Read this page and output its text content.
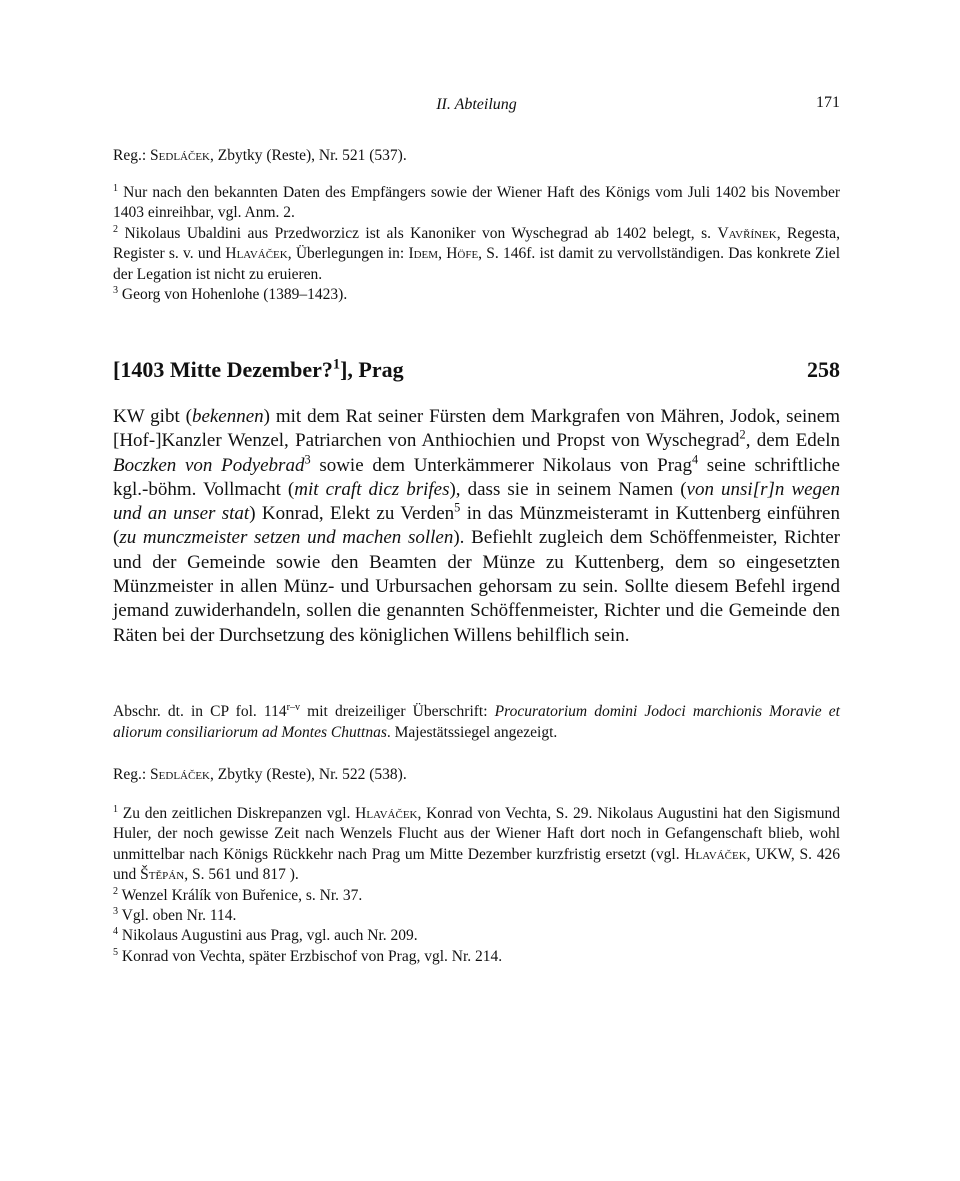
II. Abteilung	171
Reg.: Sedláček, Zbytky (Reste), Nr. 521 (537).

$^1$ Nur nach den bekannten Daten des Empfängers sowie der Wiener Haft des Königs vom Juli 1402 bis November 1403 einreihbar, vgl. Anm. 2.

$^2$ Nikolaus Ubaldini aus Przedworzicz ist als Kanoniker von Wyschegrad ab 1402 belegt, s. Vavřínek, Regesta, Register s. v. und Hlaváček, Überlegungen in: Idem, Höfe, S. 146f. ist damit zu vervollständigen. Das konkrete Ziel der Legation ist nicht zu eruieren.

$^3$ Georg von Hohenlohe (1389–1423).

[1403 Mitte Dezember?$^1$], Prag	258

KW gibt (bekennen) mit dem Rat seiner Fürsten dem Markgrafen von Mähren, Jodok, seinem [Hof-]Kanzler Wenzel, Patriarchen von Anthiochien und Propst von Wyschegrad$^2$, dem Edeln Boczken von Podyebrad$^3$ sowie dem Unterkämmerer Nikolaus von Prag$^4$ seine schriftliche kgl.-böhm. Vollmacht (mit craft dicz brifes), dass sie in seinem Namen (von unsi[r]n wegen und an unser stat) Konrad, Elekt zu Verden$^5$ in das Münzmeisteramt in Kuttenberg einführen (zu munczmeister setzen und machen sollen). Befiehlt zugleich dem Schöffenmeister, Richter und der Gemeinde sowie den Beamten der Münze zu Kuttenberg, dem so eingesetzten Münzmeister in allen Münz- und Urbursachen gehorsam zu sein. Sollte diesem Befehl irgend jemand zuwiderhandeln, sollen die genannten Schöffenmeister, Richter und die Gemeinde den Räten bei der Durchsetzung des königlichen Willens behilflich sein.

Abschr. dt. in CP fol. 114$^{r-v}$ mit dreizeiliger Überschrift: Procuratorium domini Jodoci marchionis Moravie et aliorum consiliariorum ad Montes Chuttnas. Majestätssiegel angezeigt.

Reg.: Sedláček, Zbytky (Reste), Nr. 522 (538).

$^1$ Zu den zeitlichen Diskrepanzen vgl. Hlaváček, Konrad von Vechta, S. 29. Nikolaus Augustini hat den Sigismund Huler, der noch gewisse Zeit nach Wenzels Flucht aus der Wiener Haft dort noch in Gefangenschaft blieb, wohl unmittelbar nach Königs Rückkehr nach Prag um Mitte Dezember kurzfristig ersetzt (vgl. Hlaváček, UKW, S. 426 und Štěpán, S. 561 und 817 ).

$^2$ Wenzel Králík von Buřenice, s. Nr. 37.

$^3$ Vgl. oben Nr. 114.

$^4$ Nikolaus Augustini aus Prag, vgl. auch Nr. 209.

$^5$ Konrad von Vechta, später Erzbischof von Prag, vgl. Nr. 214.
